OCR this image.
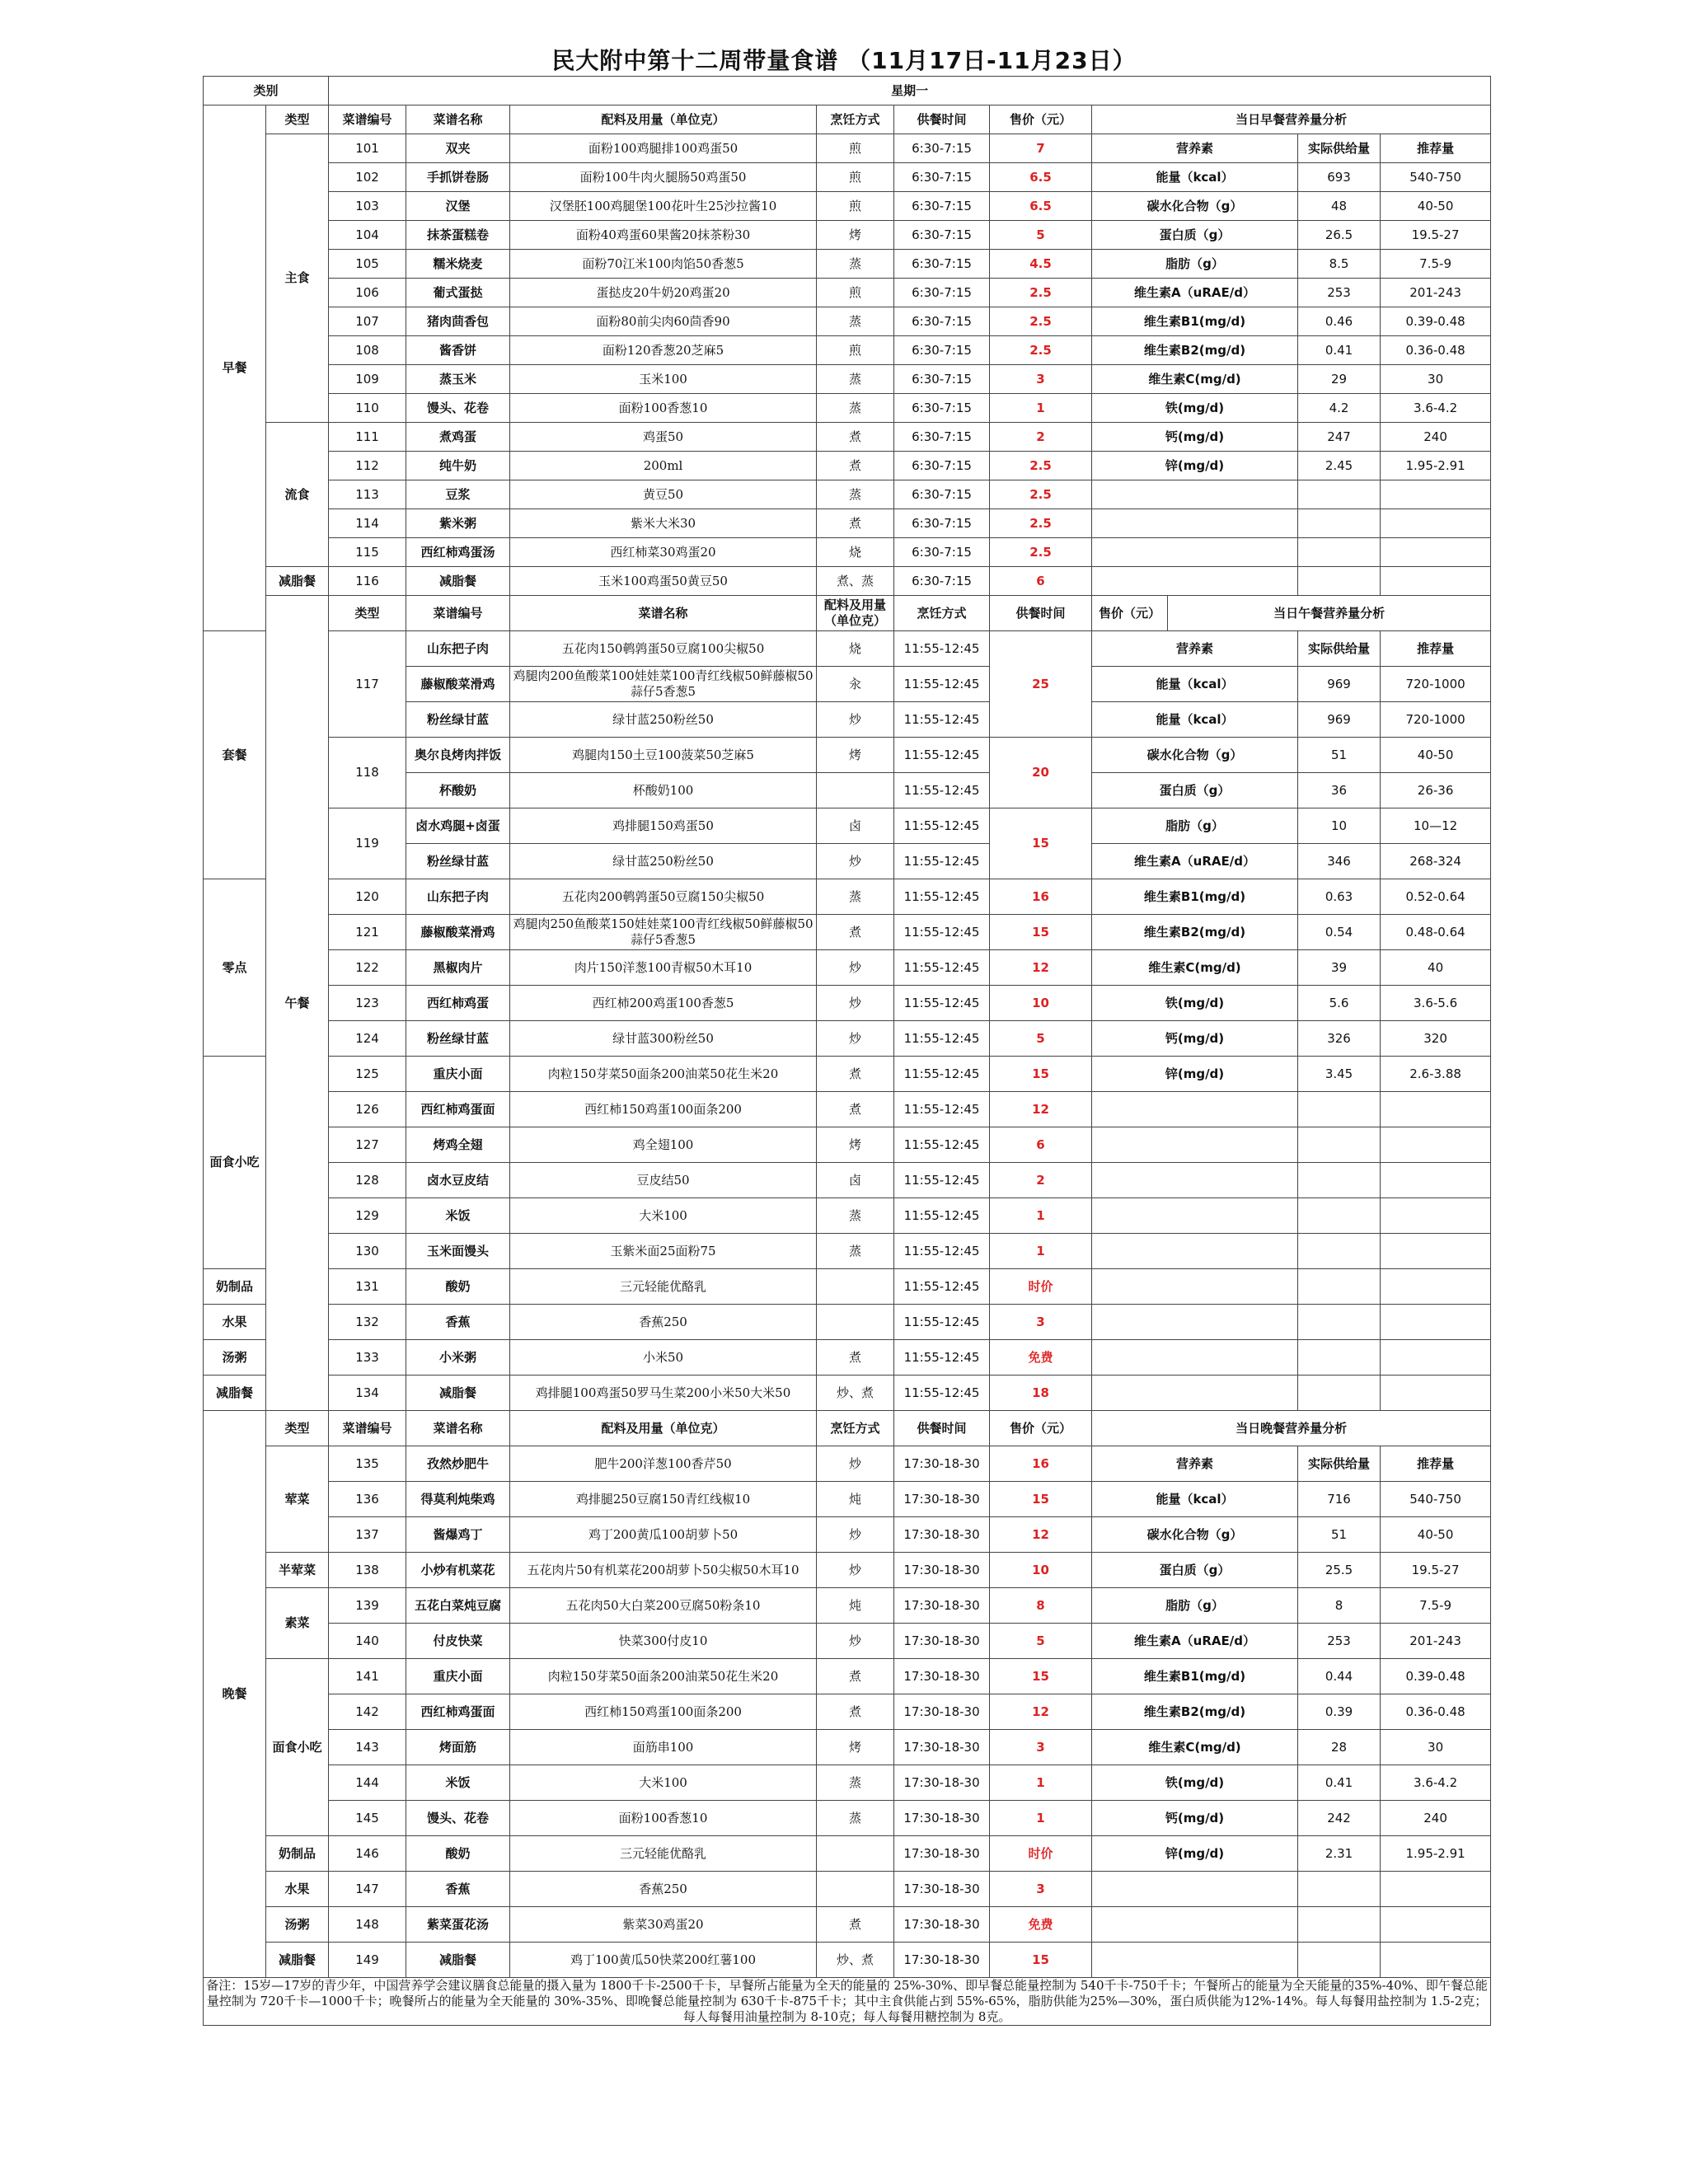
民大附中第十二周带量食谱 （11月17日-11月23日）
类别		星期一									
早餐	类型	菜谱编号	菜谱名称	配料及用量（单位克）	烹饪方式	供餐时间	售价（元）	当日早餐营养量分析			
	主食	101	双夹	面粉100鸡腿排100鸡蛋50	煎	6:30-7:15	7	营养素		实际供给量	推荐量
		102	手抓饼卷肠	面粉100牛肉火腿肠50鸡蛋50	煎	6:30-7:15	6.5	能量（kcal）		693	540-750
		103	汉堡	汉堡胚100鸡腿堡100花叶生25沙拉酱10	煎	6:30-7:15	6.5	碳水化合物（g）		48	40-50
		104	抹茶蛋糕卷	面粉40鸡蛋60果酱20抹茶粉30	烤	6:30-7:15	5	蛋白质（g）		26.5	19.5-27
		105	糯米烧麦	面粉70江米100肉馅50香葱5	蒸	6:30-7:15	4.5	脂肪（g）		8.5	7.5-9
		106	葡式蛋挞	蛋挞皮20牛奶20鸡蛋20	煎	6:30-7:15	2.5	维生素A（uRAE/d）		253	201-243
		107	猪肉茴香包	面粉80前尖肉60茴香90	蒸	6:30-7:15	2.5	维生素B1(mg/d)		0.46	0.39-0.48
		108	酱香饼	面粉120香葱20芝麻5	煎	6:30-7:15	2.5	维生素B2(mg/d)		0.41	0.36-0.48
		109	蒸玉米	玉米100	蒸	6:30-7:15	3	维生素C(mg/d)		29	30
		110	馒头、花卷	面粉100香葱10	蒸	6:30-7:15	1	铁(mg/d)		4.2	3.6-4.2
	流食	111	煮鸡蛋	鸡蛋50	煮	6:30-7:15	2	钙(mg/d)		247	240
		112	纯牛奶	200ml	煮	6:30-7:15	2.5	锌(mg/d)		2.45	1.95-2.91
		113	豆浆	黄豆50	蒸	6:30-7:15	2.5				
		114	紫米粥	紫米大米30	煮	6:30-7:15	2.5				
		115	西红柿鸡蛋汤	西红柿菜30鸡蛋20	烧	6:30-7:15	2.5				
	减脂餐	116	减脂餐	玉米100鸡蛋50黄豆50	煮、蒸	6:30-7:15	6				
	午餐	类型	菜谱编号	菜谱名称	配料及用量（单位克）	烹饪方式	供餐时间	售价（元）	当日午餐营养量分析		
套餐		117	山东把子肉	五花肉150鹌鹑蛋50豆腐100尖椒50	烧	11:55-12:45	25	营养素		实际供给量	推荐量
			藤椒酸菜滑鸡	鸡腿肉200鱼酸菜100娃娃菜100青红线椒50鲜藤椒50蒜仔5香葱5	汆	11:55-12:45		能量（kcal）		969	720-1000
			粉丝绿甘蓝	绿甘蓝250粉丝50	炒	11:55-12:45		能量（kcal）		969	720-1000
		118	奥尔良烤肉拌饭	鸡腿肉150土豆100菠菜50芝麻5	烤	11:55-12:45	20	碳水化合物（g）		51	40-50
			杯酸奶	杯酸奶100		11:55-12:45		蛋白质（g）		36	26-36
		119	卤水鸡腿+卤蛋	鸡排腿150鸡蛋50	卤	11:55-12:45	15	脂肪（g）		10	10—12
			粉丝绿甘蓝	绿甘蓝250粉丝50	炒	11:55-12:45		维生素A（uRAE/d）		346	268-324
零点		120	山东把子肉	五花肉200鹌鹑蛋50豆腐150尖椒50	蒸	11:55-12:45	16	维生素B1(mg/d)		0.63	0.52-0.64
		121	藤椒酸菜滑鸡	鸡腿肉250鱼酸菜150娃娃菜100青红线椒50鲜藤椒50蒜仔5香葱5	煮	11:55-12:45	15	维生素B2(mg/d)		0.54	0.48-0.64
		122	黑椒肉片	肉片150洋葱100青椒50木耳10	炒	11:55-12:45	12	维生素C(mg/d)		39	40
		123	西红柿鸡蛋	西红柿200鸡蛋100香葱5	炒	11:55-12:45	10	铁(mg/d)		5.6	3.6-5.6
		124	粉丝绿甘蓝	绿甘蓝300粉丝50	炒	11:55-12:45	5	钙(mg/d)		326	320
面食小吃		125	重庆小面	肉粒150芽菜50面条200油菜50花生米20	煮	11:55-12:45	15	锌(mg/d)		3.45	2.6-3.88
		126	西红柿鸡蛋面	西红柿150鸡蛋100面条200	煮	11:55-12:45	12				
		127	烤鸡全翅	鸡全翅100	烤	11:55-12:45	6				
		128	卤水豆皮结	豆皮结50	卤	11:55-12:45	2				
		129	米饭	大米100	蒸	11:55-12:45	1				
		130	玉米面馒头	玉紫米面25面粉75	蒸	11:55-12:45	1				
奶制品		131	酸奶	三元轻能优酪乳		11:55-12:45	时价				
水果		132	香蕉	香蕉250		11:55-12:45	3				
汤粥		133	小米粥	小米50	煮	11:55-12:45	免费				
减脂餐		134	减脂餐	鸡排腿100鸡蛋50罗马生菜200小米50大米50	炒、煮	11:55-12:45	18				
晚餐	类型	菜谱编号	菜谱名称	配料及用量（单位克）	烹饪方式	供餐时间	售价（元）	当日晚餐营养量分析			
	荤菜	135	孜然炒肥牛	肥牛200洋葱100香芹50	炒	17:30-18-30	16	营养素		实际供给量	推荐量
		136	得莫利炖柴鸡	鸡排腿250豆腐150青红线椒10	炖	17:30-18-30	15	能量（kcal）		716	540-750
		137	酱爆鸡丁	鸡丁200黄瓜100胡萝卜50	炒	17:30-18-30	12	碳水化合物（g）		51	40-50
	半荤菜	138	小炒有机菜花	五花肉片50有机菜花200胡萝卜50尖椒50木耳10	炒	17:30-18-30	10	蛋白质（g）		25.5	19.5-27
	素菜	139	五花白菜炖豆腐	五花肉50大白菜200豆腐50粉条10	炖	17:30-18-30	8	脂肪（g）		8	7.5-9
		140	付皮快菜	快菜300付皮10	炒	17:30-18-30	5	维生素A（uRAE/d）		253	201-243
	面食小吃	141	重庆小面	肉粒150芽菜50面条200油菜50花生米20	煮	17:30-18-30	15	维生素B1(mg/d)		0.44	0.39-0.48
		142	西红柿鸡蛋面	西红柿150鸡蛋100面条200	煮	17:30-18-30	12	维生素B2(mg/d)		0.39	0.36-0.48
		143	烤面筋	面筋串100	烤	17:30-18-30	3	维生素C(mg/d)		28	30
		144	米饭	大米100	蒸	17:30-18-30	1	铁(mg/d)		0.41	3.6-4.2
		145	馒头、花卷	面粉100香葱10	蒸	17:30-18-30	1	钙(mg/d)		242	240
	奶制品	146	酸奶	三元轻能优酪乳		17:30-18-30	时价	锌(mg/d)		2.31	1.95-2.91
	水果	147	香蕉	香蕉250		17:30-18-30	3				
	汤粥	148	紫菜蛋花汤	紫菜30鸡蛋20	煮	17:30-18-30	免费				
	减脂餐	149	减脂餐	鸡丁100黄瓜50快菜200红薯100	炒、煮	17:30-18-30	15				
备注：15岁—17岁的青少年，中国营养学会建议膳食总能量的摄入量为 1800千卡-2500千卡，早餐所占能量为全天的能量的 25%-30%、即早餐总能量控制为 540千卡-750千卡；午餐所占的能量为全天能量的35%-40%、即午餐总能量控制为 720千卡—1000千卡；晚餐所占的能量为全天能量的 30%-35%、即晚餐总能量控制为 630千卡-875千卡；其中主食供能占到 55%-65%，脂肪供能为25%—30%，蛋白质供能为12%-14%。每人每餐用盐控制为 1.5-2克；每人每餐用油量控制为 8-10克；每人每餐用糖控制为 8克。											
